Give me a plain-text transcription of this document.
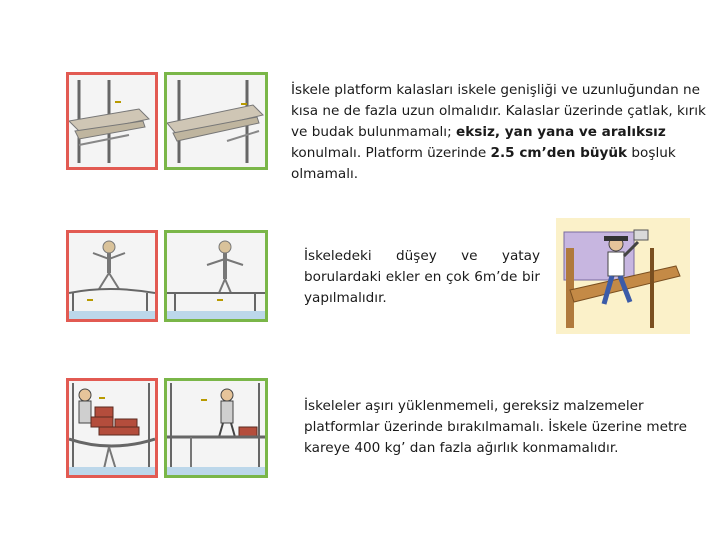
İskele platform kalasları iskele genişliği ve uzunluğundan ne kısa ne de fazla uzun olmalıdır. Kalaslar üzerinde çatlak, kırık ve budak bulunmamalı; eksiz, yan yana ve aralıksız konulmalı. Platform üzerinde 2.5 cm’den büyük boşluk olmamalı.
İskeledeki düşey ve yatay borulardaki ekler en çok 6m’de bir yapılmalıdır.
İskeleler aşırı yüklenmemeli, gereksiz malzemeler platformlar üzerinde bırakılmamalı. İskele üzerine metre kareye 400 kg’ dan fazla ağırlık konmamalıdır.
